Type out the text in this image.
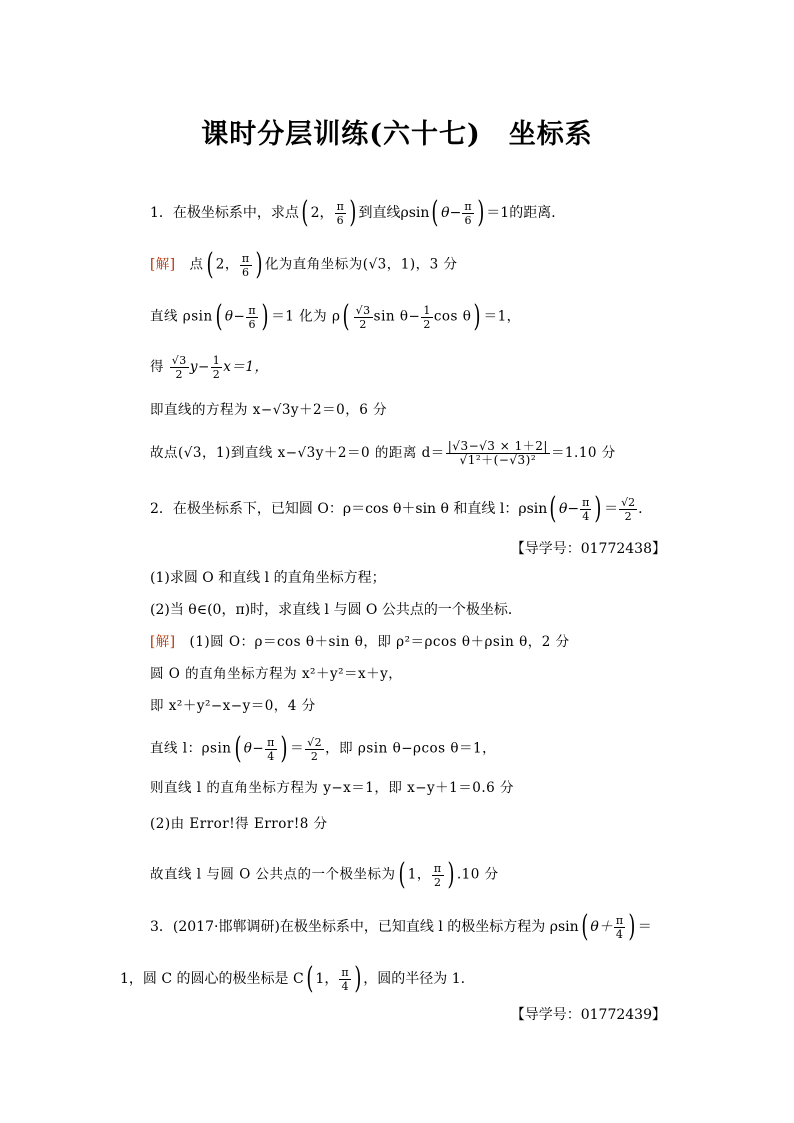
课时分层训练(六十七)　坐标系
1．在极坐标系中，求点( 2， $\frac{\pi}{6}$ ) 到直线ρsin( $\theta- \frac{\pi}{6}$ ) ＝1的距离．
[解]　点( 2， $\frac{\pi}{6}$ ) 化为直角坐标为(√3，1)，3 分
直线 ρsin( $\theta- \frac{\pi}{6}$ ) ＝1 化为 $\rho( \frac{√3}{2}$ $\sin \theta- \frac{1}{2}$ cos θ) ＝1，
得 $\frac{√3}{2} y- \frac{1}{2} x=1$，
即直线的方程为 x−√3y＋2＝0，6 分
故点(√3，1)到直线 x−√3y＋2＝0 的距离 $d= \frac{|√3-√3 \times 1+2|}{\text{√1²＋(−√3)²}} =1.10$ 分
2．在极坐标系下，已知圆 O：ρ＝cos θ＋sin θ 和直线 l：ρsin( $\theta- \frac{\pi}{4}$ ) ＝ $\frac{√2}{2}$ .
【导学号：01772438】
(1)求圆 O 和直线 l 的直角坐标方程；
(2)当 θ∈(0，π)时，求直线 l 与圆 O 公共点的一个极坐标．
[解]　(1)圆 O：ρ＝cos θ＋sin θ，即 ρ²＝ρcos θ＋ρsin θ，2 分
圆 O 的直角坐标方程为 x²＋y²＝x＋y，
即 x²＋y²−x−y＝0，4 分
直线 l：ρsin( $\theta- \frac{\pi}{4}$ ) ＝ $\frac{√2}{2}$ ，即 ρsin θ−ρcos θ＝1，
则直线 l 的直角坐标方程为 y−x＝1，即 x−y＋1＝0.6 分
(2)由 Error!得 Error!8 分
故直线 l 与圆 O 公共点的一个极坐标为( 1， $\frac{\pi}{2}$ ) .10 分
3．(2017·邯郸调研)在极坐标系中，已知直线 l 的极坐标方程为 ρsin( $\theta+ \frac{\pi}{4}$ ) ＝
1，圆 C 的圆心的极坐标是 C( 1， $\frac{\pi}{4}$ ) ，圆的半径为 1.
【导学号：01772439】
